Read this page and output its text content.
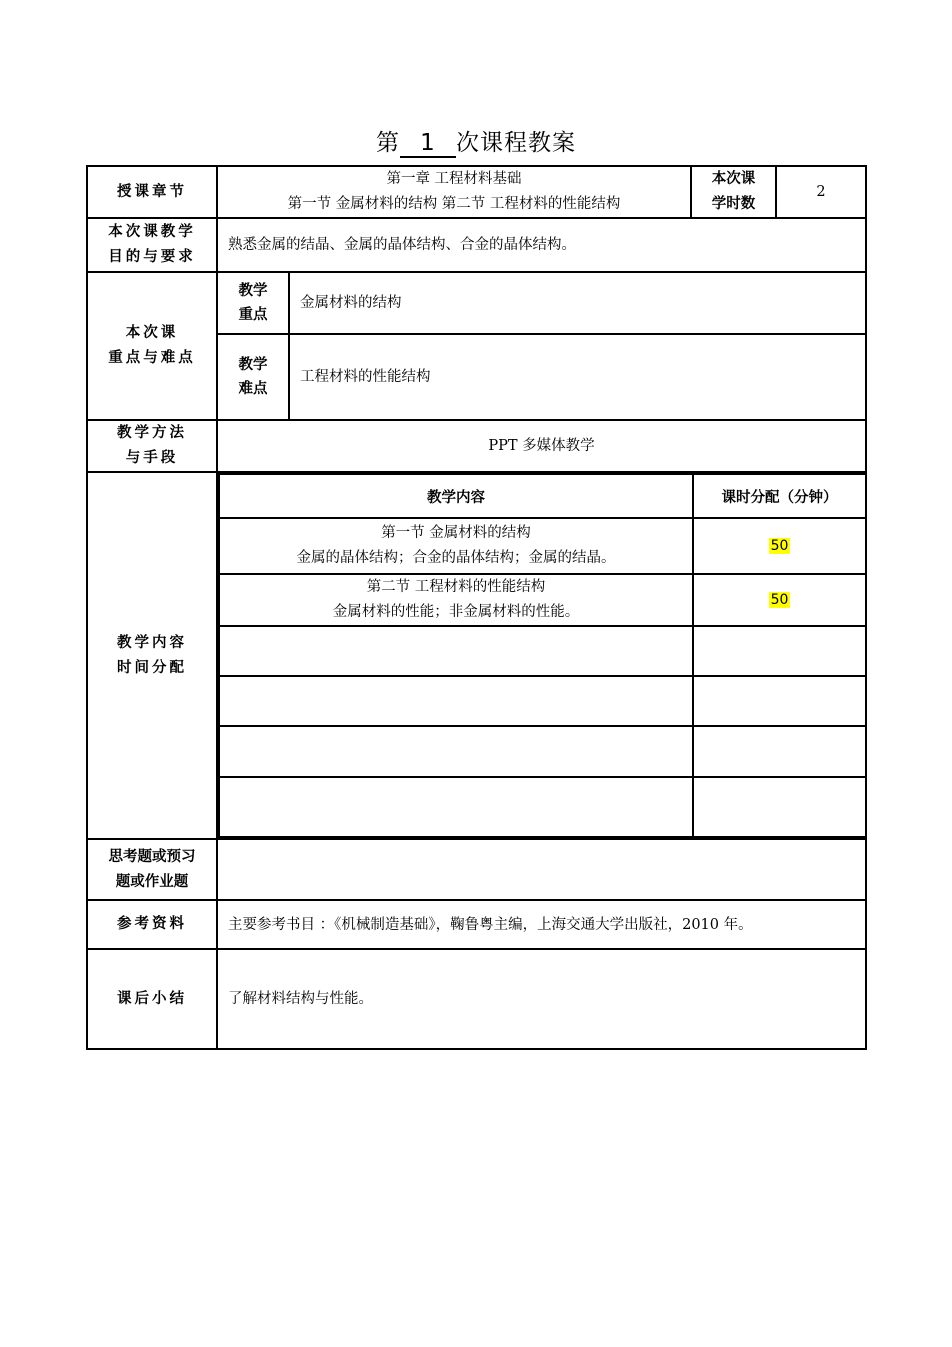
第 1 次课程教案
授课章节	
第一章 工程材料基础
第一节 金属材料的结构 第二节 工程材料的性能结构

本次课
学时数
	2

本次课教学
目的与要求
	熟悉金属的结晶、金属的晶体结构、合金的晶体结构。

本次课
重点与难点

教学
重点
	金属材料的结构

教学
难点
	工程材料的性能结构

教学方法
与手段
	PPT 多媒体教学

教学内容
时间分配

教学内容	课时分配（分钟）

第一节 金属材料的结构
金属的晶体结构；合金的晶体结构；金属的结晶。
	50

第二节 工程材料的性能结构
金属材料的性能；非金属材料的性能。
	50

思考题或预习
题或作业题

参考资料	主要参考书目 ：《机械制造基础》，鞠鲁粤主编，上海交通大学出版社，2010 年。
课后小结	了解材料结构与性能。
